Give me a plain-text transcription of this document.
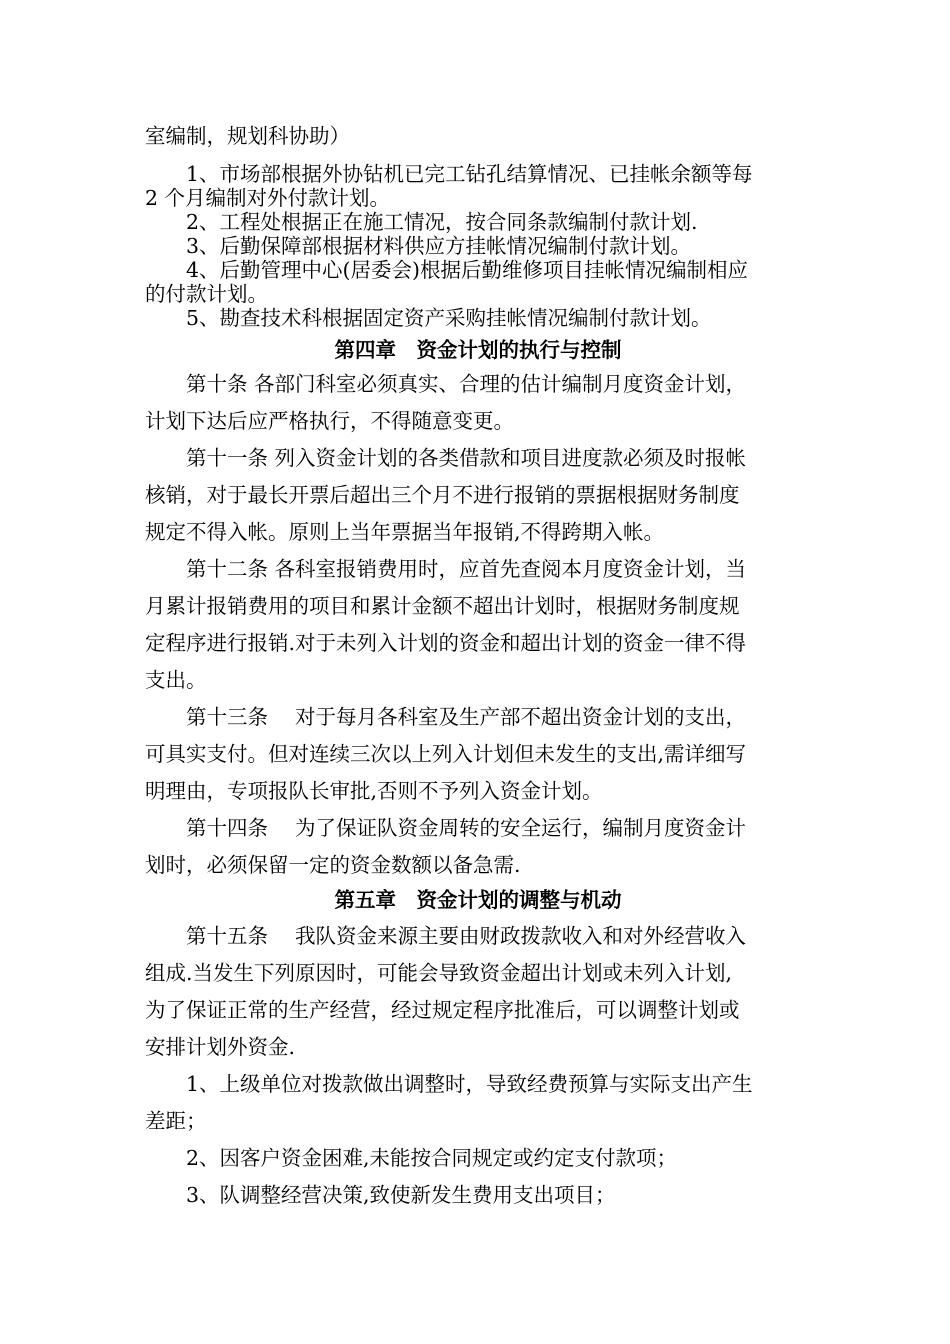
室编制，规划科协助）

　　1、市场部根据外协钻机已完工钻孔结算情况、已挂帐余额等每

2 个月编制对外付款计划。

　　2、工程处根据正在施工情况，按合同条款编制付款计划.

　　3、后勤保障部根据材料供应方挂帐情况编制付款计划。

　　4、后勤管理中心(居委会)根据后勤维修项目挂帐情况编制相应

的付款计划。

　　5、勘查技术科根据固定资产采购挂帐情况编制付款计划。

第四章　资金计划的执行与控制

　　第十条 各部门科室必须真实、合理的估计编制月度资金计划，

计划下达后应严格执行，不得随意变更。

　　第十一条 列入资金计划的各类借款和项目进度款必须及时报帐

核销，对于最长开票后超出三个月不进行报销的票据根据财务制度

规定不得入帐。原则上当年票据当年报销,不得跨期入帐。

　　第十二条 各科室报销费用时，应首先查阅本月度资金计划，当

月累计报销费用的项目和累计金额不超出计划时，根据财务制度规

定程序进行报销.对于未列入计划的资金和超出计划的资金一律不得

支出。

　　第十三条　 对于每月各科室及生产部不超出资金计划的支出，

可具实支付。但对连续三次以上列入计划但未发生的支出,需详细写

明理由，专项报队长审批,否则不予列入资金计划。

　　第十四条　 为了保证队资金周转的安全运行，编制月度资金计

划时，必须保留一定的资金数额以备急需.

第五章　资金计划的调整与机动

　　第十五条　 我队资金来源主要由财政拨款收入和对外经营收入

组成.当发生下列原因时，可能会导致资金超出计划或未列入计划,

为了保证正常的生产经营，经过规定程序批准后，可以调整计划或

安排计划外资金.

　　1、上级单位对拨款做出调整时，导致经费预算与实际支出产生

差距；

　　2、因客户资金困难,未能按合同规定或约定支付款项；

　　3、队调整经营决策,致使新发生费用支出项目；
